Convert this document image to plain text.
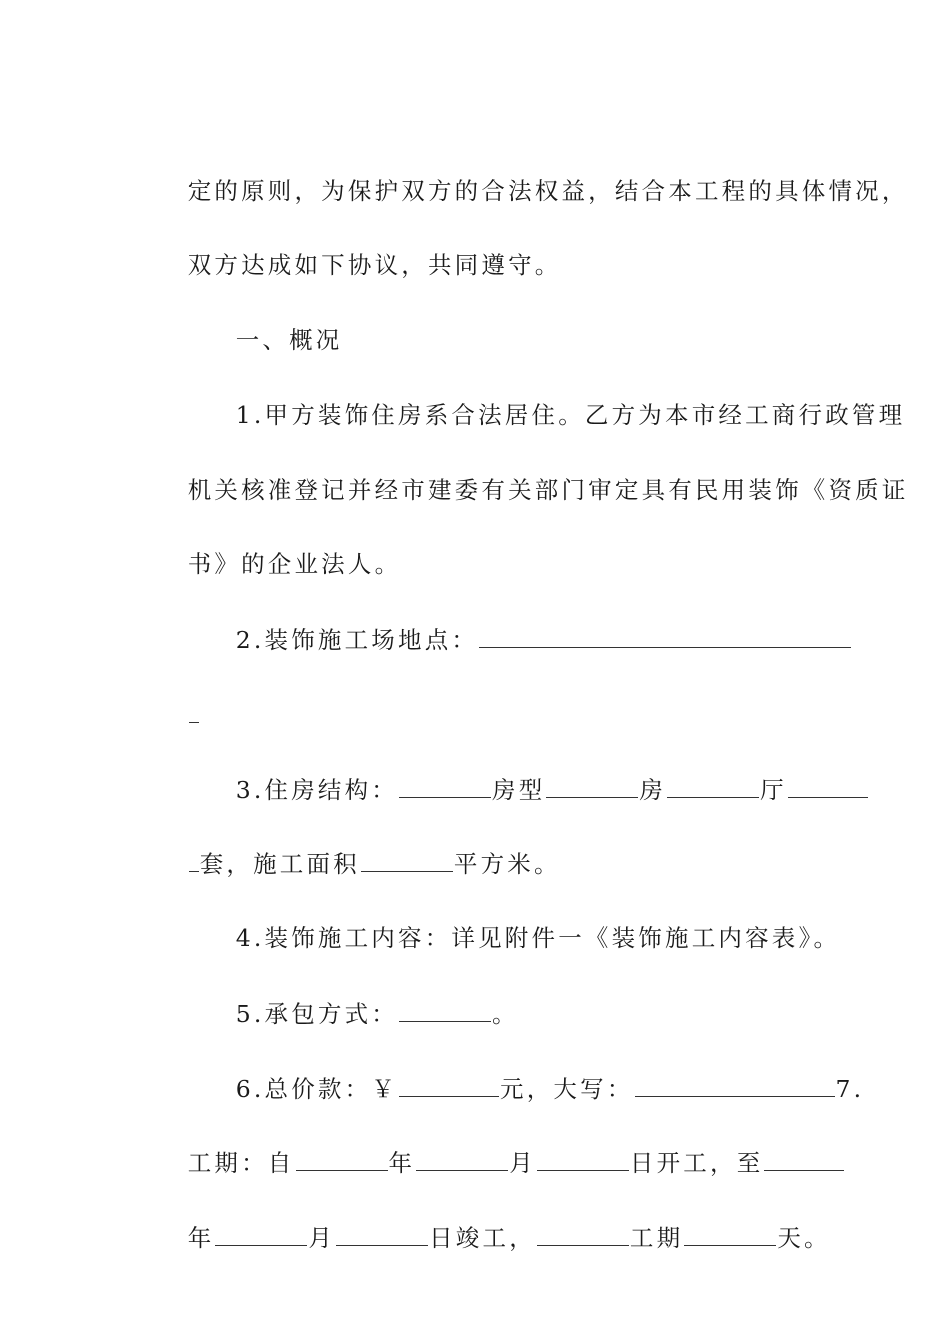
定的原则，为保护双方的合法权益，结合本工程的具体情况，

双方达成如下协议，共同遵守。

一、概况

1.甲方装饰住房系合法居住。乙方为本市经工商行政管理

机关核准登记并经市建委有关部门审定具有民用装饰《资质证

书》的企业法人。

2.装饰施工场地点：

3.住房结构：	房型	房	厅

套，施工面积	平方米。

4.装饰施工内容：详见附件一《装饰施工内容表》。

5.承包方式：	。

6.总价款：￥	元，大写：	7.

工期：自	年	月	日开工，至

年	月	日竣工，	工期	天。
